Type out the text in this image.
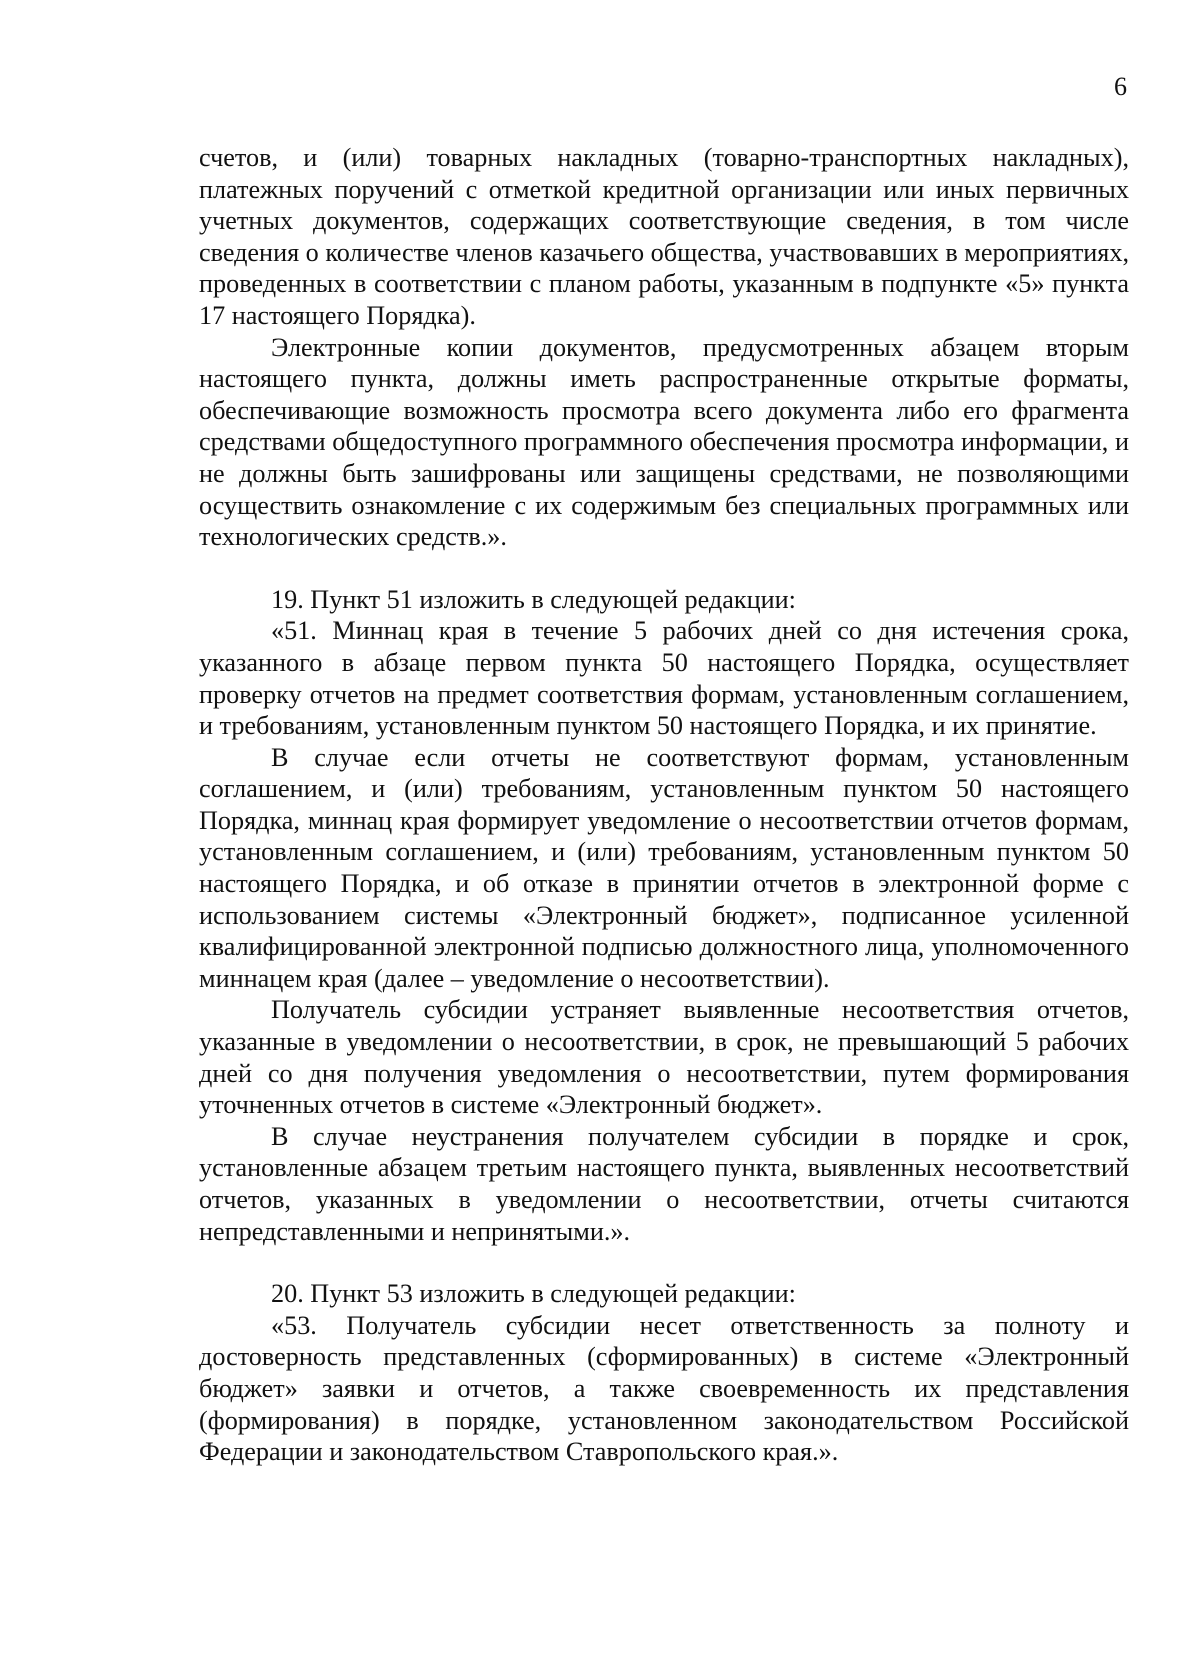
6

счетов, и (или) товарных накладных (товарно-транспортных накладных), платежных поручений с отметкой кредитной организации или иных первичных учетных документов, содержащих соответствующие сведения, в том числе сведения о количестве членов казачьего общества, участвовавших в мероприятиях, проведенных в соответствии с планом работы, указанным в подпункте «5» пункта 17 настоящего Порядка).

Электронные копии документов, предусмотренных абзацем вторым настоящего пункта, должны иметь распространенные открытые форматы, обеспечивающие возможность просмотра всего документа либо его фрагмента средствами общедоступного программного обеспечения просмотра информации, и не должны быть зашифрованы или защищены средствами, не позволяющими осуществить ознакомление с их содержимым без специальных программных или технологических средств.».

19. Пункт 51 изложить в следующей редакции:

«51. Миннац края в течение 5 рабочих дней со дня истечения срока, указанного в абзаце первом пункта 50 настоящего Порядка, осуществляет проверку отчетов на предмет соответствия формам, установленным соглашением, и требованиям, установленным пунктом 50 настоящего Порядка, и их принятие.

В случае если отчеты не соответствуют формам, установленным соглашением, и (или) требованиям, установленным пунктом 50 настоящего Порядка, миннац края формирует уведомление о несоответствии отчетов формам, установленным соглашением, и (или) требованиям, установленным пунктом 50 настоящего Порядка, и об отказе в принятии отчетов в электронной форме с использованием системы «Электронный бюджет», подписанное усиленной квалифицированной электронной подписью должностного лица, уполномоченного миннацем края (далее – уведомление о несоответствии).

Получатель субсидии устраняет выявленные несоответствия отчетов, указанные в уведомлении о несоответствии, в срок, не превышающий 5 рабочих дней со дня получения уведомления о несоответствии, путем формирования уточненных отчетов в системе «Электронный бюджет».

В случае неустранения получателем субсидии в порядке и срок, установленные абзацем третьим настоящего пункта, выявленных несоответствий отчетов, указанных в уведомлении о несоответствии, отчеты считаются непредставленными и непринятыми.».

20. Пункт 53 изложить в следующей редакции:

«53. Получатель субсидии несет ответственность за полноту и достоверность представленных (сформированных) в системе «Электронный бюджет» заявки и отчетов, а также своевременность их представления (формирования) в порядке, установленном законодательством Российской Федерации и законодательством Ставропольского края.».
